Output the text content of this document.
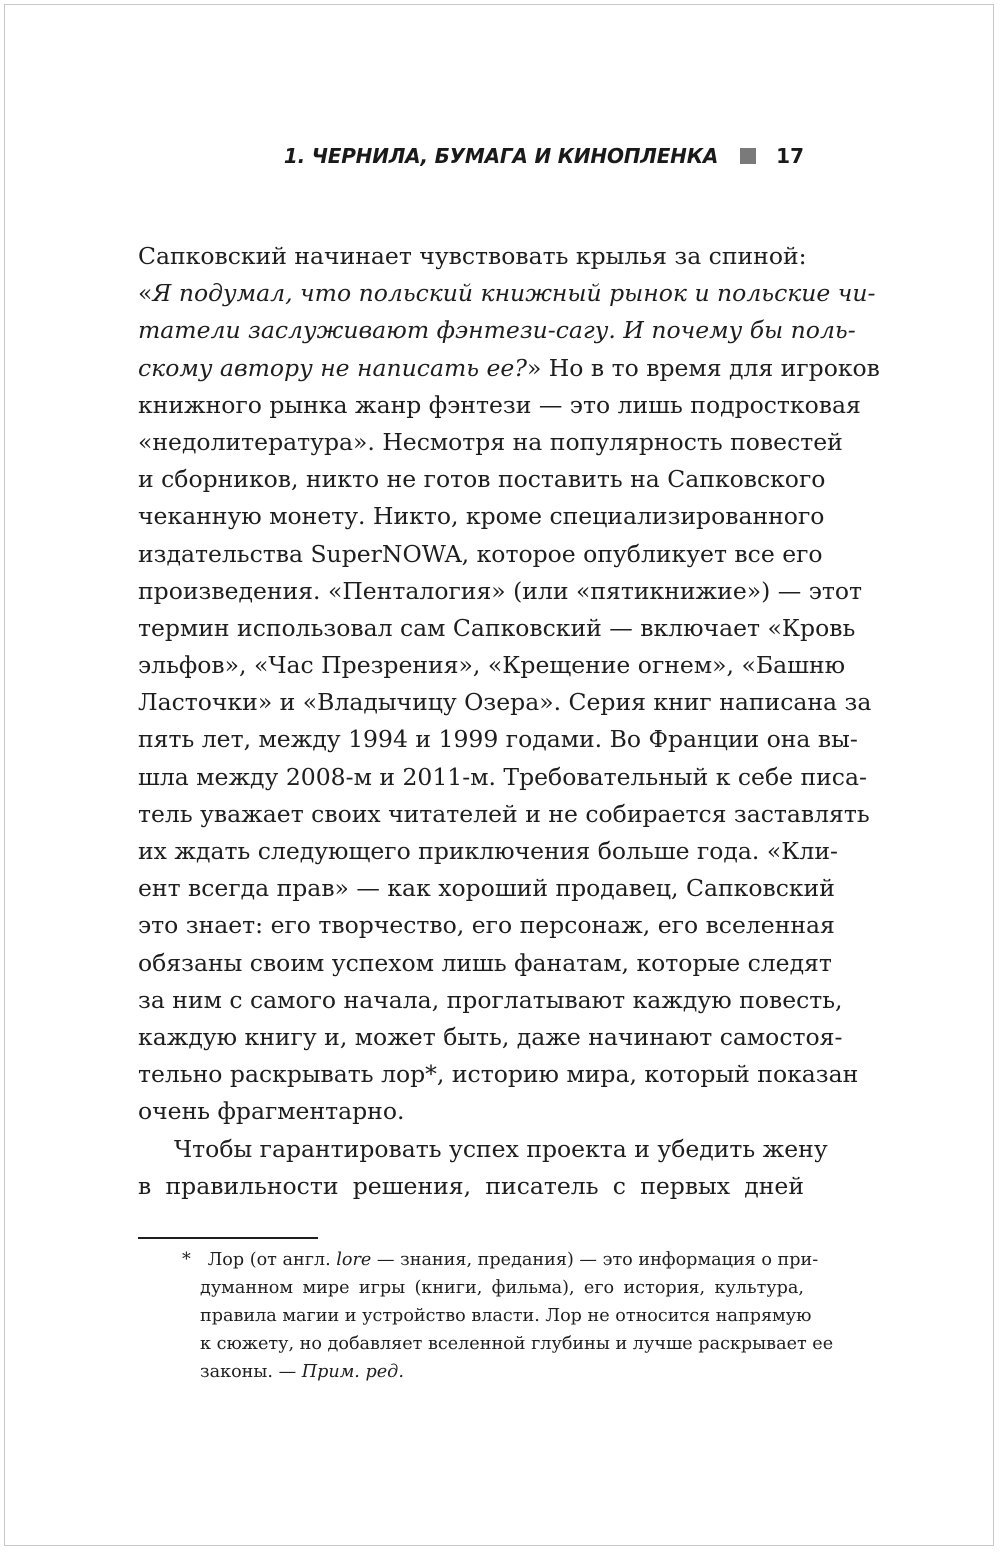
1. ЧЕРНИЛА, БУМАГА И КИНОПЛЕНКА	17
Сапковский начинает чувствовать крылья за спиной:
«Я подумал, что польский книжный рынок и польские чи-
татели заслуживают фэнтези-сагу. И почему бы поль-
скому автору не написать ее?» Но в то время для игроков
книжного рынка жанр фэнтези — это лишь подростковая
«недолитература». Несмотря на популярность повестей
и сборников, никто не готов поставить на Сапковского
чеканную монету. Никто, кроме специализированного
издательства SuperNOWA, которое опубликует все его
произведения. «Пенталогия» (или «пятикнижие») — этот
термин использовал сам Сапковский — включает «Кровь
эльфов», «Час Презрения», «Крещение огнем», «Башню
Ласточки» и «Владычицу Озера». Серия книг написана за
пять лет, между 1994 и 1999 годами. Во Франции она вы-
шла между 2008-м и 2011-м. Требовательный к себе писа-
тель уважает своих читателей и не собирается заставлять
их ждать следующего приключения больше года. «Кли-
ент всегда прав» — как хороший продавец, Сапковский
это знает: его творчество, его персонаж, его вселенная
обязаны своим успехом лишь фанатам, которые следят
за ним с самого начала, проглатывают каждую повесть,
каждую книгу и, может быть, даже начинают самостоя-
тельно раскрывать лор*, историю мира, который показан
очень фрагментарно.
Чтобы гарантировать успех проекта и убедить жену
в правильности решения, писатель с первых дней
* Лор (от англ. lore — знания, предания) — это информация о при-
думанном мире игры (книги, фильма), его история, культура,
правила магии и устройство власти. Лор не относится напрямую
к сюжету, но добавляет вселенной глубины и лучше раскрывает ее
законы. — Прим. ред.
